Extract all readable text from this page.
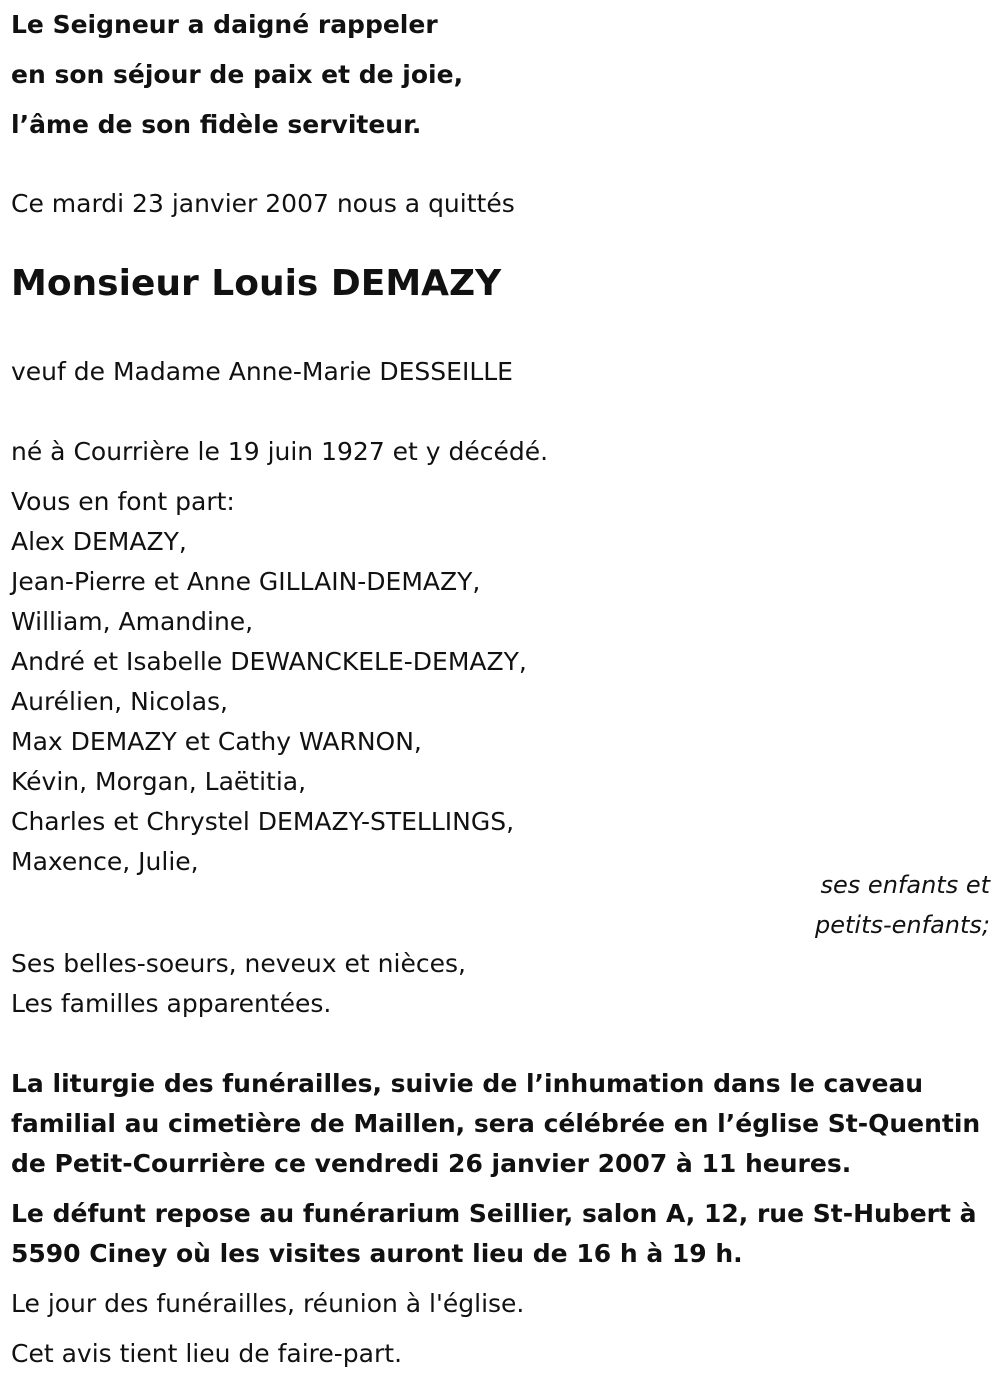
Le Seigneur a daigné rappeler
en son séjour de paix et de joie,
l’âme de son fidèle serviteur.
Ce mardi 23 janvier 2007 nous a quittés
Monsieur Louis DEMAZY
veuf de Madame Anne-Marie DESSEILLE
né à Courrière le 19 juin 1927 et y décédé.
Vous en font part:
Alex DEMAZY,
Jean-Pierre et Anne GILLAIN-DEMAZY,
William, Amandine,
André et Isabelle DEWANCKELE-DEMAZY,
Aurélien, Nicolas,
Max DEMAZY et Cathy WARNON,
Kévin, Morgan, Laëtitia,
Charles et Chrystel DEMAZY-STELLINGS,
Maxence, Julie,
ses enfants et
petits-enfants;
Ses belles-soeurs, neveux et nièces,
Les familles apparentées.
La liturgie des funérailles, suivie de l’inhumation dans le caveau
familial au cimetière de Maillen, sera célébrée en l’église St-Quentin
de Petit-Courrière ce vendredi 26 janvier 2007 à 11 heures.
Le défunt repose au funérarium Seillier, salon A, 12, rue St-Hubert à
5590 Ciney où les visites auront lieu de 16 h à 19 h.
Le jour des funérailles, réunion à l'église.
Cet avis tient lieu de faire-part.
